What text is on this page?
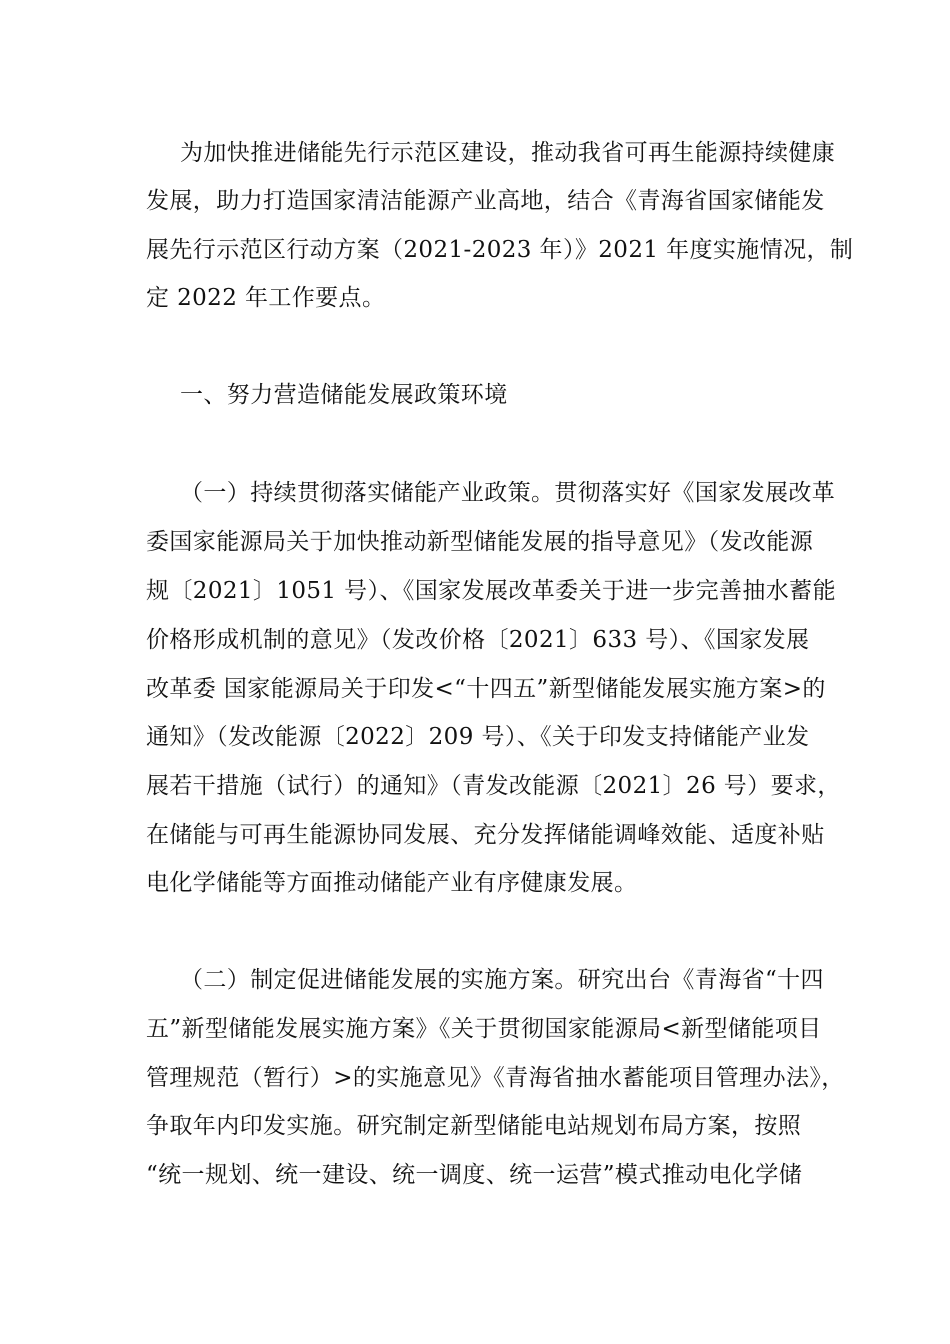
为加快推进储能先行示范区建设，推动我省可再生能源持续健康
发展，助力打造国家清洁能源产业高地，结合《青海省国家储能发
展先行示范区行动方案（2021-2023 年）》2021 年度实施情况，制
定 2022 年工作要点。
一、努力营造储能发展政策环境
（一）持续贯彻落实储能产业政策。贯彻落实好《国家发展改革
委国家能源局关于加快推动新型储能发展的指导意见》（发改能源
规〔2021〕1051 号）、《国家发展改革委关于进一步完善抽水蓄能
价格形成机制的意见》（发改价格〔2021〕633 号）、《国家发展
改革委 国家能源局关于印发<“十四五”新型储能发展实施方案>的
通知》（发改能源〔2022〕209 号）、《关于印发支持储能产业发
展若干措施（试行）的通知》（青发改能源〔2021〕26 号）要求，
在储能与可再生能源协同发展、充分发挥储能调峰效能、适度补贴
电化学储能等方面推动储能产业有序健康发展。
（二）制定促进储能发展的实施方案。研究出台《青海省“十四
五”新型储能发展实施方案》《关于贯彻国家能源局<新型储能项目
管理规范（暂行）>的实施意见》《青海省抽水蓄能项目管理办法》，
争取年内印发实施。研究制定新型储能电站规划布局方案，按照
“统一规划、统一建设、统一调度、统一运营”模式推动电化学储
